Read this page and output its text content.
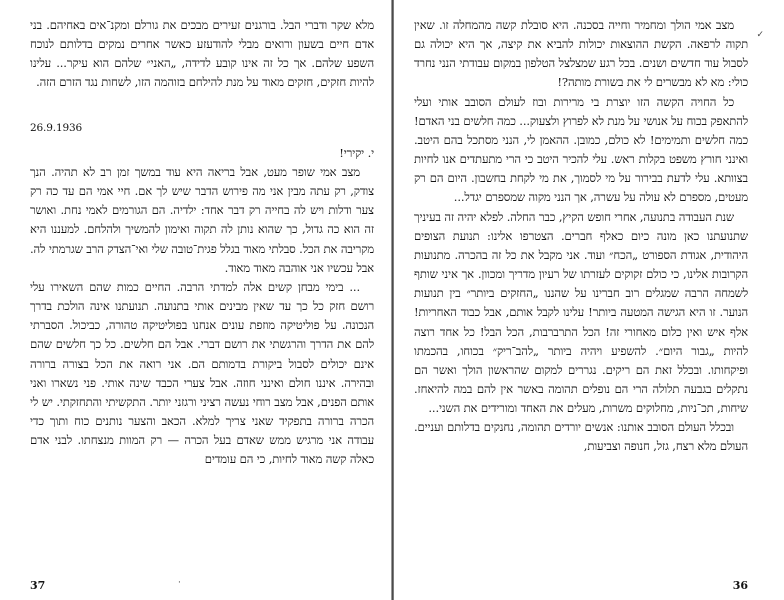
מלא שקר ודברי הבל. בורגנים זעירים מבכים את גורלם ומקנ־אים באחיהם. בני אדם חיים בשעון ורואים מבלי להודעזע כאשר אחרים נמקים בדלותם לנוכח השפע שלהם. אך כל זה אינו קובע לדידה, „האני״ שלהם הוא עיקר... עלינו להיות חזקים, חזקים מאוד על מנת להילחם בזוהמה הזו, לשחות נגד הזרם הזה.

26.9.1936

י. יקירי!

מצב אמי שופר מעט, אבל בריאה היא עוד במשך זמן רב לא תהיה. הנך צודק, רק עתה מבין אני מה פירוש הדבר שיש לך אם. חיי אמי הם עד כה רק צער ודלות ויש לה בחייה רק דבר אחד: ילדיה. הם הגורמים לאמי נחת. ואושר זה הוא כה גדול, כך שהוא נותן לה תקוה ואימון להמשיך ולהלחם. למעננו היא מקריבה את הכל. סבלתי מאוד בגלל פגית־טובה שלי ואי־הצדק הרב שגרמתי לה. אבל עכשיו אני אוהבה מאוד מאוד.

... בימי מבחן קשים אלה למדתי הרבה. החיים כמות שהם השאירו עלי רושם חזק כל כך עד שאין מבינים אותי בתנועה. תנועתנו אינה הולכת בדרך הנכונה. על פוליטיקה מוזפת עונים אנחנו בפוליטיקה טהורה, כביכול. הסברתי להם את הדרך והרגשתי את רושם דברי. אבל הם חלשים. כל כך חלשים שהם אינם יכולים לסבול ביקורת בדמותם הם. אני רואה את הכל בצורה ברורה ובהירה. איננו חולם ואינני חוזה. אבל צערי הכבד שינה אותי. פני נשארו ואני אותם הפנים, אבל מצב רוחי נעשה רציני ורגזני יותר. התקשיתי והתחזקתי. יש לי הכרה ברורה בתפקיד שאני צריך למלא. הכאב והצער נותנים כוח ותוך כדי עבודה אני מרגיש ממש שאדם בעל הכרה — רק המוות מנצחתו. לבני אדם כאלה קשה מאוד לחיות, כי הם עומדים

·
37

מצב אמי הולך ומחמיר וחייה בסכנה. היא סובלת קשה מהמחלה זו. שאין תקוה לרפאה. הקשת ההוצאות יכולות להביא את קיצה, אך היא יכולה גם לסבול עוד חדשים ושנים. בכל רגע שמצלצל הטלפון במקום עבודתי הנני נחרד כולי: מא לא מבשרים לי את בשורת מותה?!

כל החויה הקשה הזו יוצרת בי מרירות ובוז לעולם הסובב אותי ועלי להתאפק בכוח על אנושי על מנת לא לפרוץ ולצעוק... כמה חלשים בני האדם! כמה חלשים ותמימים! לא כולם, כמובן. ההאמן לי, הנני מסתכל בהם היטב. ואינני חורץ משפט בקלות ראש. עלי להכיר היטב כי הרי מתעתדים אנו לחיות בצוותא. עלי לדעת בבירור על מי לסמוך, את מי לקחת בחשבון. היום הם רק מעטים, מספרם לא עולה על עשרה, אך הנני מקוה שמספרם יגדל...

שנת העבודה בתנועה, אחרי חופש הקיץ, כבר החלה. לפלא יהיה זה בעיניך שתנועתנו כאן מונה כיום כאלף חברים. הצטרפו אלינו: תנועת הצופים היהודית, אגודת הספורט „הכח״ ועוד. אני מקבל את כל זה בהכרה. מתנועות הקרובות אלינו, כי כולם זקוקים לעזרתו של רעיון מדריך ומכוון. אך איני שותף לשמחה הרבה שמגלים רוב חברינו על שהננו „החזקים ביותר״ בין תנועות הנוער. זו היא הגישה המטעה ביותר! עלינו לקבל אותם, אבל כבוד האחריות! אלף איש ואין כלום מאחורי זה! הכל התרברבות, הכל הבל! כל אחד רוצה להיות „גבור היום״. להשפיע ויהיה ביותר „להב־ריק״ בכוחו, בהכמתו ופיקחותו. ובכלל זאת הם ריקים. נגררים למקום שהראשון הולך ואשר הם נתקלים בגבעה תלולה הרי הם נופלים תהומה באשר אין להם במה להיאחז. שיחות, תכ־ניות, מחלוקים משרות, מעלים את האחד ומורידים את השני...

ובכלל העולם הסובב אותנו: אנשים יורדים תהומה, נחנקים בדלותם ועניים. העולם מלא רצח, גזל, חנופה וצביעות,

✓
36
